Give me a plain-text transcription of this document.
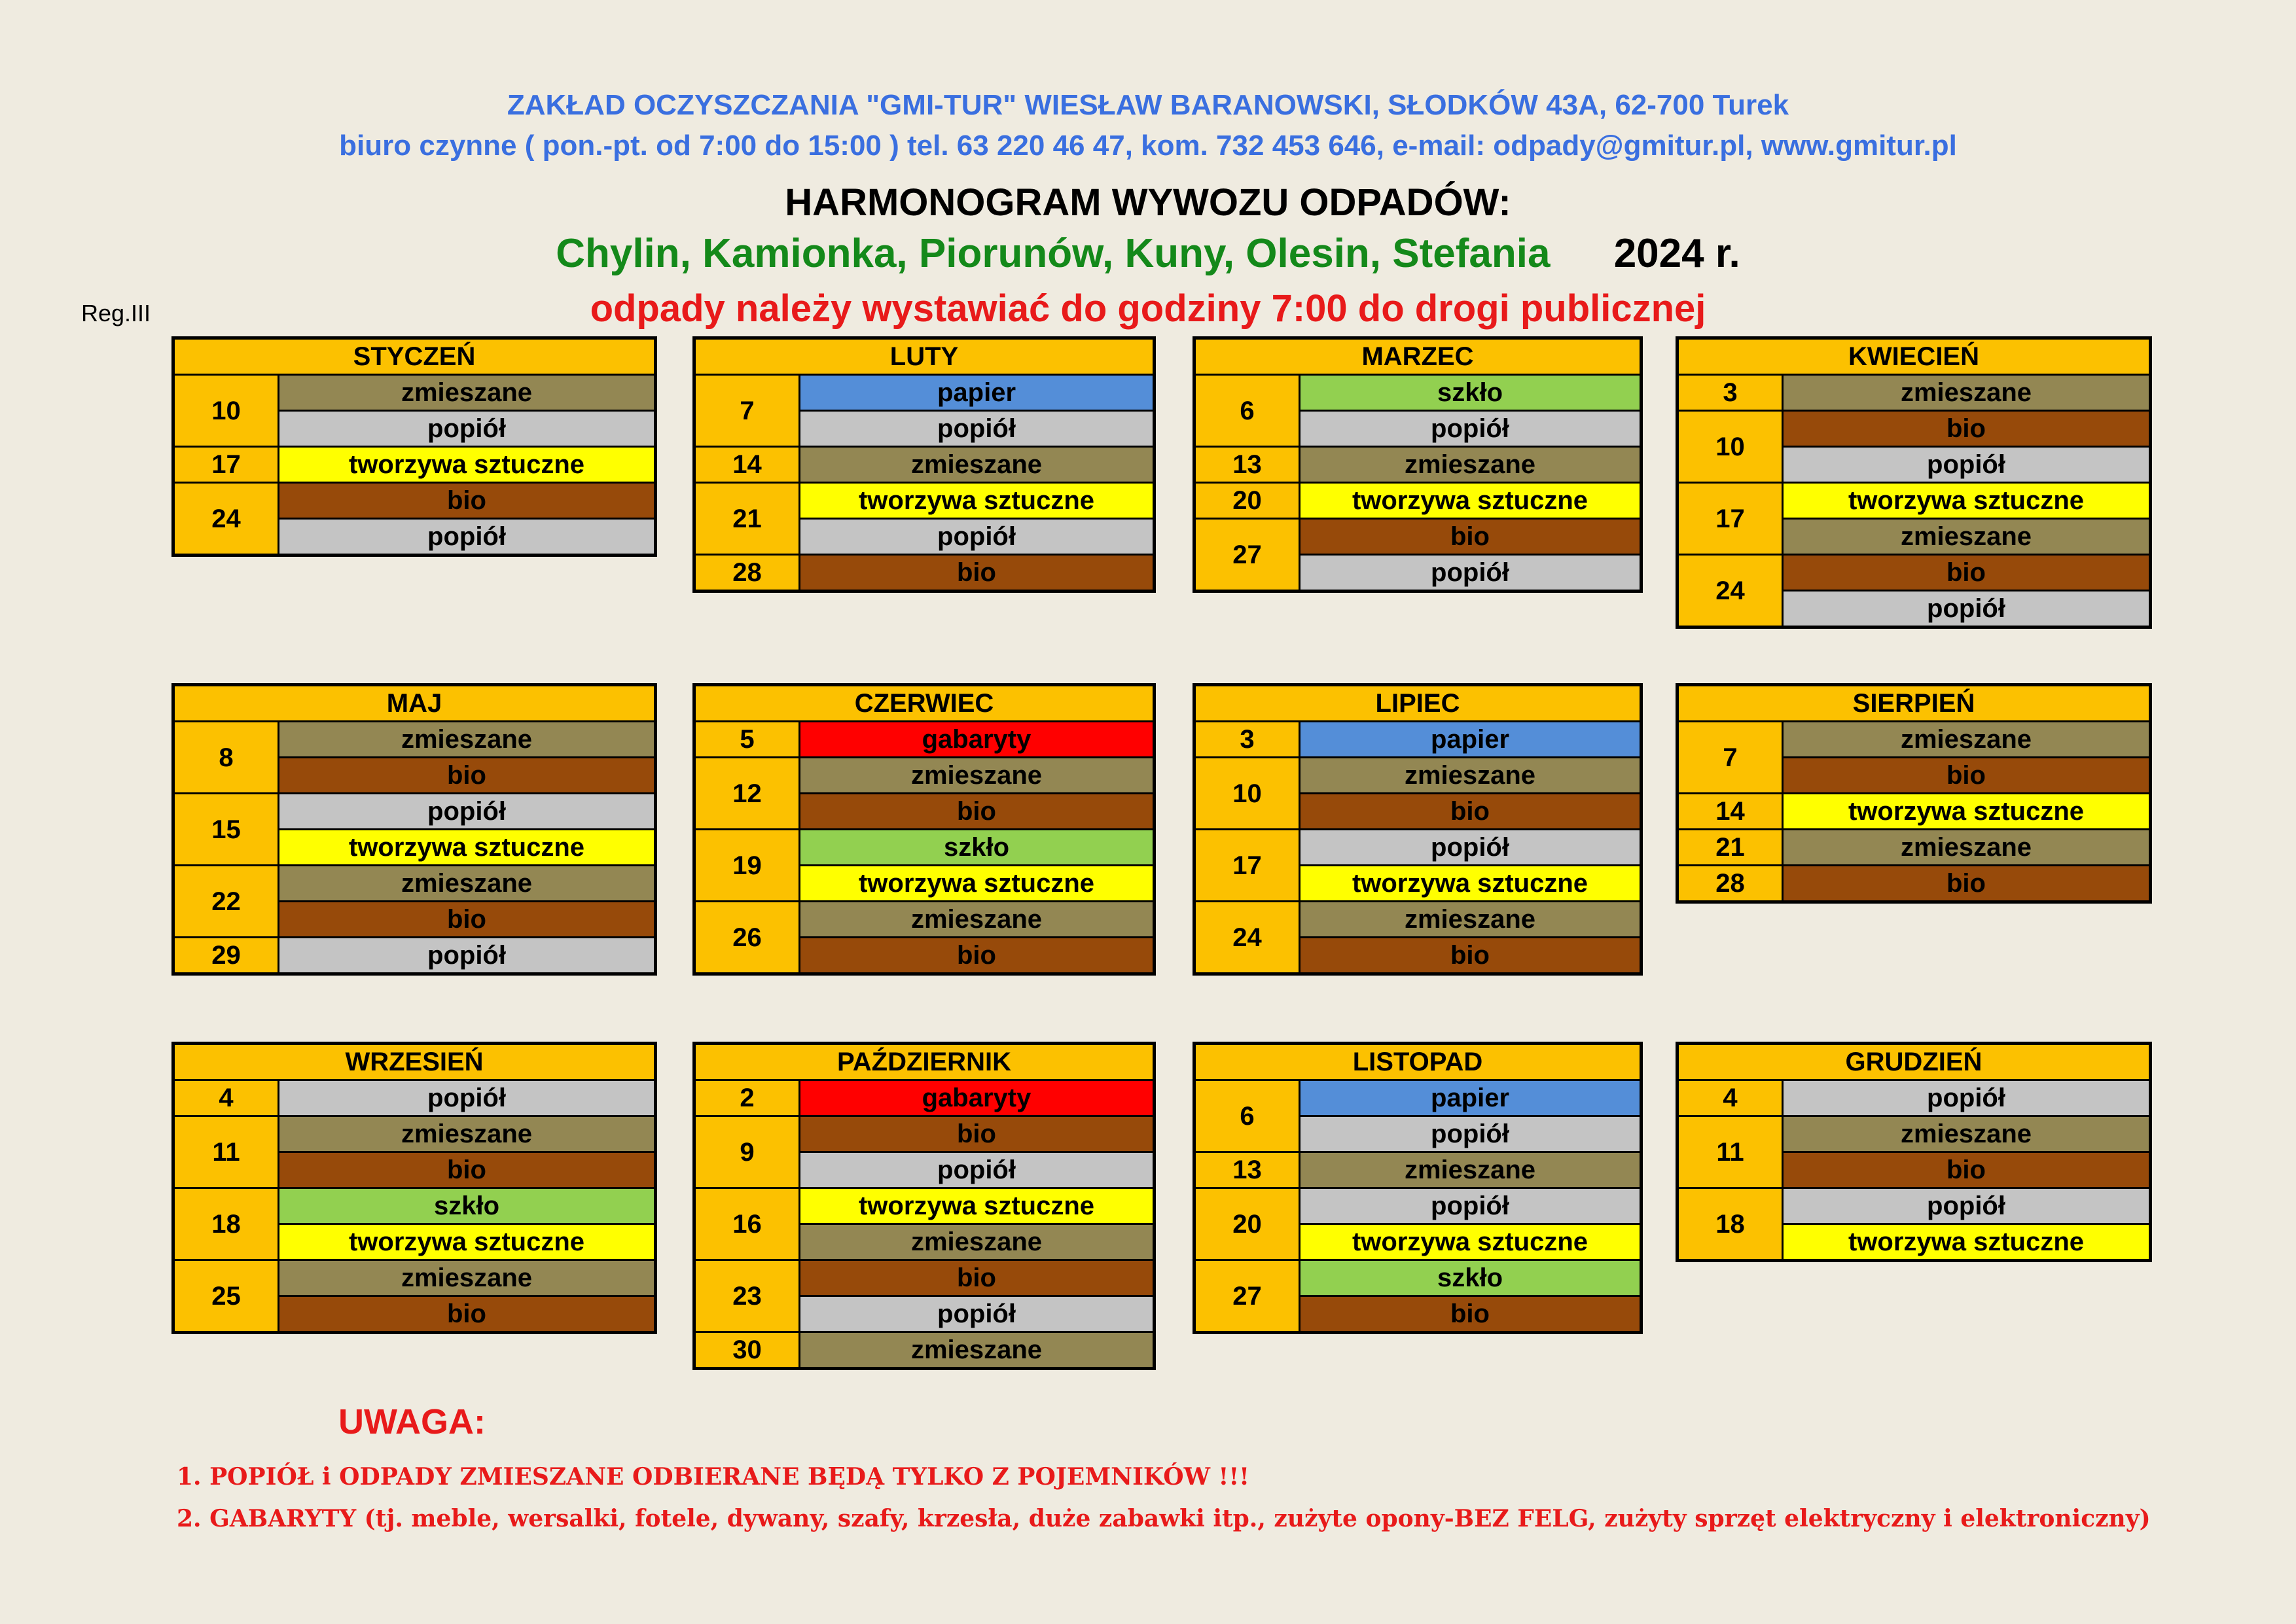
ZAKŁAD OCZYSZCZANIA "GMI-TUR" WIESŁAW BARANOWSKI, SŁODKÓW 43A, 62-700 Turek
biuro czynne ( pon.-pt. od 7:00 do 15:00 ) tel. 63 220 46 47, kom. 732 453 646, e-mail: odpady@gmitur.pl, www.gmitur.pl
HARMONOGRAM WYWOZU ODPADÓW:
Chylin, Kamionka, Piorunów, Kuny, Olesin, Stefania 2024 r.
Reg.III	odpady należy wystawiać do godziny 7:00 do drogi publicznej
STYCZEŃ	
10	zmieszane
	popiół
17	tworzywa sztuczne
24	bio
	popiół
LUTY	
7	papier
	popiół
14	zmieszane
21	tworzywa sztuczne
	popiół
28	bio
MARZEC	
6	szkło
	popiół
13	zmieszane
20	tworzywa sztuczne
27	bio
	popiół
KWIECIEŃ	
3	zmieszane
10	bio
	popiół
17	tworzywa sztuczne
	zmieszane
24	bio
	popiół
MAJ	
8	zmieszane
	bio
15	popiół
	tworzywa sztuczne
22	zmieszane
	bio
29	popiół
CZERWIEC	
5	gabaryty
12	zmieszane
	bio
19	szkło
	tworzywa sztuczne
26	zmieszane
	bio
LIPIEC	
3	papier
10	zmieszane
	bio
17	popiół
	tworzywa sztuczne
24	zmieszane
	bio
SIERPIEŃ	
7	zmieszane
	bio
14	tworzywa sztuczne
21	zmieszane
28	bio
WRZESIEŃ	
4	popiół
11	zmieszane
	bio
18	szkło
	tworzywa sztuczne
25	zmieszane
	bio
PAŹDZIERNIK	
2	gabaryty
9	bio
	popiół
16	tworzywa sztuczne
	zmieszane
23	bio
	popiół
30	zmieszane
LISTOPAD	
6	papier
	popiół
13	zmieszane
20	popiół
	tworzywa sztuczne
27	szkło
	bio
GRUDZIEŃ	
4	popiół
11	zmieszane
	bio
18	popiół
	tworzywa sztuczne
UWAGA:
1. POPIÓŁ i ODPADY ZMIESZANE ODBIERANE BĘDĄ TYLKO Z POJEMNIKÓW !!!
2. GABARYTY (tj. meble, wersalki, fotele, dywany, szafy, krzesła, duże zabawki itp., zużyte opony-BEZ FELG, zużyty sprzęt elektryczny i elektroniczny)
